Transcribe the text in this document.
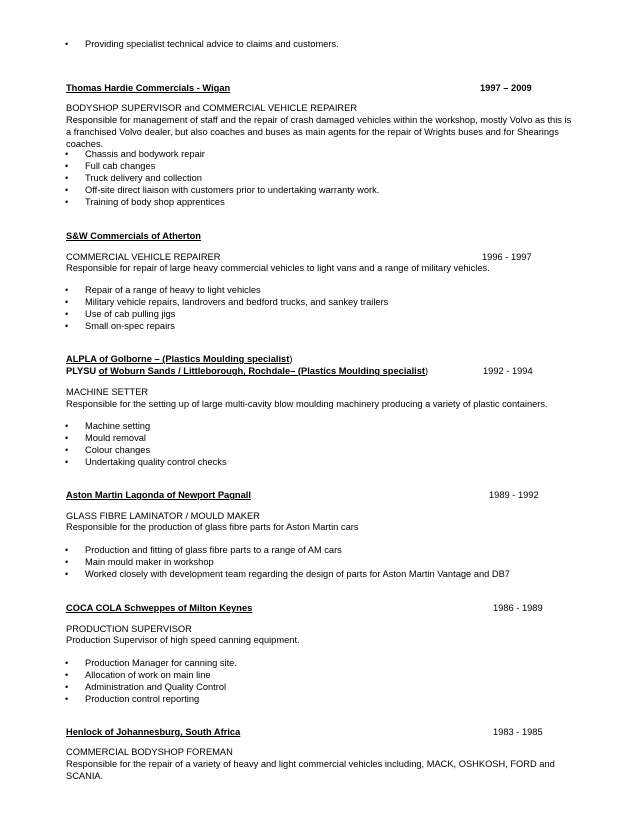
• Providing specialist technical advice to claims and customers.
Thomas Hardie Commercials - Wigan	1997 – 2009
BODYSHOP SUPERVISOR and COMMERCIAL VEHICLE REPAIRER
Responsible for management of staff and the repair of crash damaged vehicles within the workshop, mostly Volvo as this is a franchised Volvo dealer, but also coaches and buses as main agents for the repair of Wrights buses and for Shearings coaches.
• Chassis and bodywork repair
• Full cab changes
• Truck delivery and collection
• Off-site direct liaison with customers prior to undertaking warranty work.
• Training of body shop apprentices
S&W Commercials of Atherton
COMMERCIAL VEHICLE REPAIRER	1996 - 1997
Responsible for repair of large heavy commercial vehicles to light vans and a range of military vehicles.
• Repair of a range of heavy to light vehicles
• Military vehicle repairs, landrovers and bedford trucks, and sankey trailers
• Use of cab pulling jigs
• Small on-spec repairs
ALPLA of Golborne – (Plastics Moulding specialist)
PLYSU of Woburn Sands / Littleborough, Rochdale– (Plastics Moulding specialist)	1992 - 1994
MACHINE SETTER
Responsible for the setting up of large multi-cavity blow moulding machinery producing a variety of plastic containers.
• Machine setting
• Mould removal
• Colour changes
• Undertaking quality control checks
Aston Martin Lagonda of Newport Pagnall	1989 - 1992
GLASS FIBRE LAMINATOR / MOULD MAKER
Responsible for the production of glass fibre parts for Aston Martin cars
• Production and fitting of glass fibre parts to a range of AM cars
• Main mould maker in workshop
• Worked closely with development team regarding the design of parts for Aston Martin Vantage and DB7
COCA COLA Schweppes of Milton Keynes	1986 - 1989
PRODUCTION SUPERVISOR
Production Supervisor of high speed canning equipment.
• Production Manager for canning site.
• Allocation of work on main line
• Administration and Quality Control
• Production control reporting
Henlock of Johannesburg, South Africa	1983 - 1985
COMMERCIAL BODYSHOP FOREMAN
Responsible for the repair of a variety of heavy and light commercial vehicles including, MACK, OSHKOSH, FORD and SCANIA.
